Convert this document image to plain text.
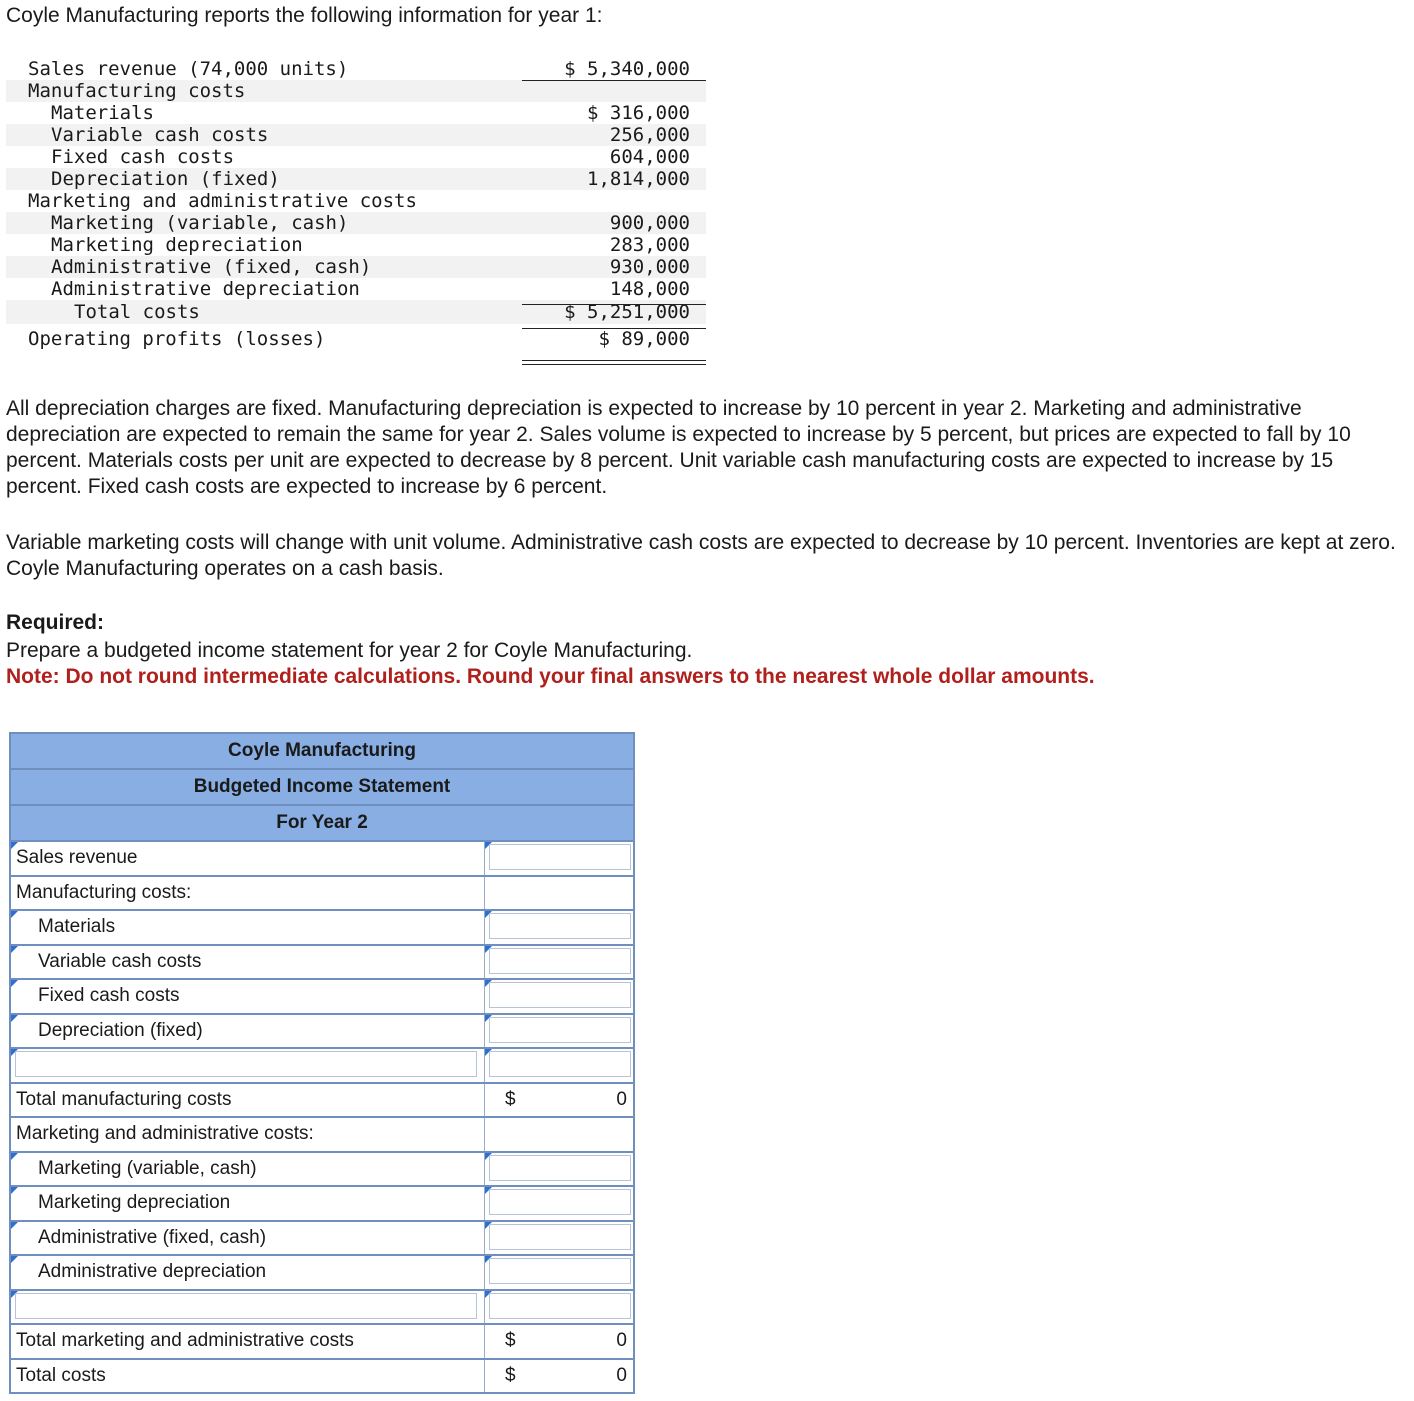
Coyle Manufacturing reports the following information for year 1:
Sales revenue (74,000 units)	$ 5,340,000
Manufacturing costs
Materials	$ 316,000
Variable cash costs	256,000
Fixed cash costs	604,000
Depreciation (fixed)	1,814,000
Marketing and administrative costs
Marketing (variable, cash)	900,000
Marketing depreciation	283,000
Administrative (fixed, cash)	930,000
Administrative depreciation	148,000
Total costs	$ 5,251,000
Operating profits (losses)	$ 89,000
All depreciation charges are fixed. Manufacturing depreciation is expected to increase by 10 percent in year 2. Marketing and administrative depreciation are expected to remain the same for year 2. Sales volume is expected to increase by 5 percent, but prices are expected to fall by 10 percent. Materials costs per unit are expected to decrease by 8 percent. Unit variable cash manufacturing costs are expected to increase by 15 percent. Fixed cash costs are expected to increase by 6 percent.
Variable marketing costs will change with unit volume. Administrative cash costs are expected to decrease by 10 percent. Inventories are kept at zero. Coyle Manufacturing operates on a cash basis.
Required:
Prepare a budgeted income statement for year 2 for Coyle Manufacturing.
Note: Do not round intermediate calculations. Round your final answers to the nearest whole dollar amounts.
Coyle Manufacturing
Budgeted Income Statement
For Year 2
Sales revenue
Manufacturing costs:
Materials
Variable cash costs
Fixed cash costs
Depreciation (fixed)
Total manufacturing costs	$	0
Marketing and administrative costs:
Marketing (variable, cash)
Marketing depreciation
Administrative (fixed, cash)
Administrative depreciation
Total marketing and administrative costs	$	0
Total costs	$	0
